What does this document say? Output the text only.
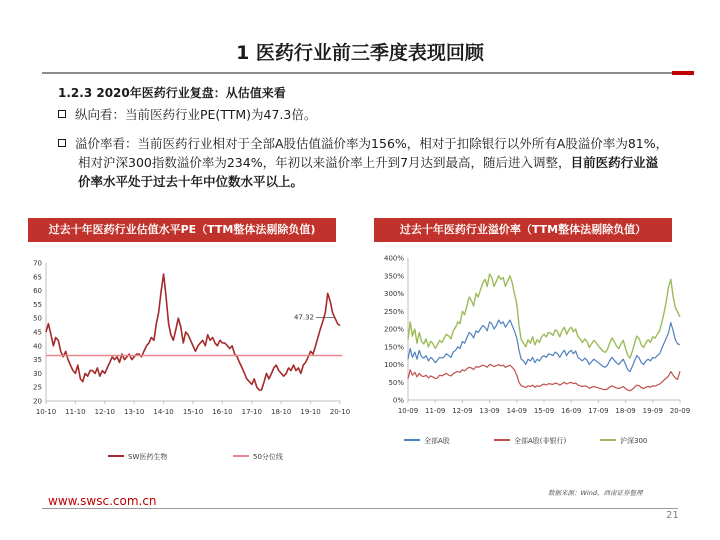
1 医药行业前三季度表现回顾
1.2.3 2020年医药行业复盘：从估值来看
纵向看：当前医药行业PE(TTM)为47.3倍。
溢价率看：当前医药行业相对于全部A股估值溢价率为156%，相对于扣除银行以外所有A股溢价率为81%，相对沪深300指数溢价率为234%，年初以来溢价率上升到7月达到最高，随后进入调整，目前医药行业溢价率水平处于过去十年中位数水平以上。
过去十年医药行业估值水平PE（TTM整体法剔除负值)	过去十年医药行业溢价率（TTM整体法剔除负值）
20
25
30
35
40
45
50
55
60
65
70
10-10 11-10 12-10 13-10 14-10 15-10 16-10 17-10 18-10 19-10 20-10
47.32
SW医药生物	50分位线
0%
50%
100%
150%
200%
250%
300%
350%
400%
10-09 11-09 12-09 13-09 14-09 15-09 16-09 17-09 18-09 19-09 20-09
全部A股	全部A股(非银行)	沪深300
www.swsc.com.cn
数据来源：Wind，西南证券整理
21
